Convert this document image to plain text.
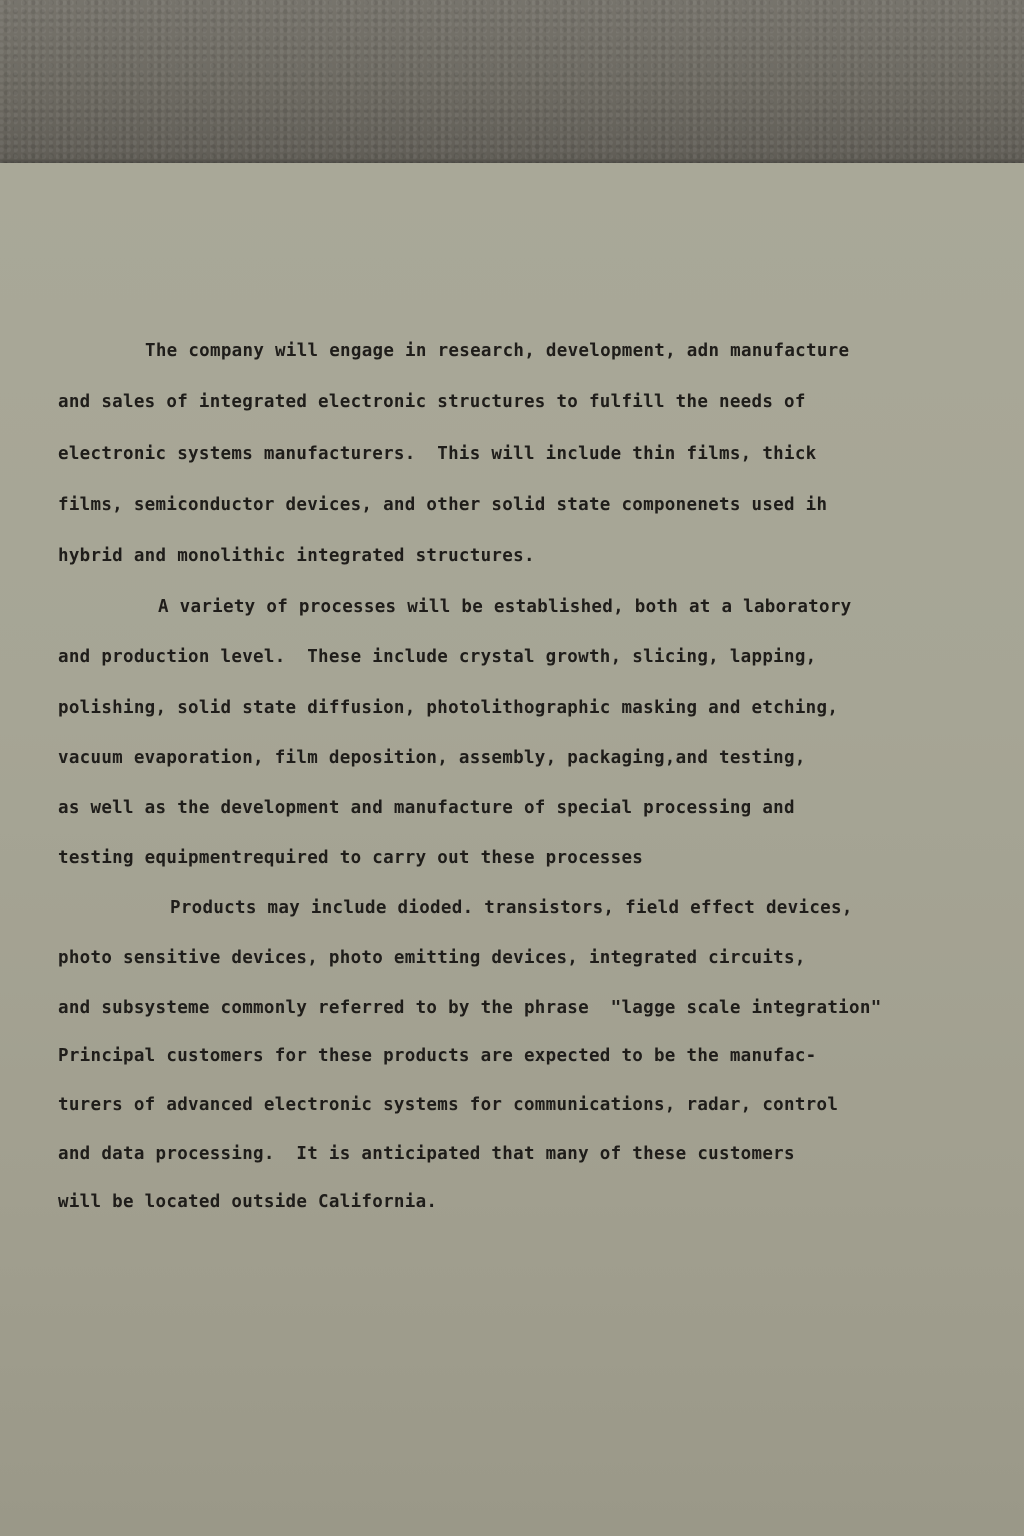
The company will engage in research, development, adn manufacture
and sales of integrated electronic structures to fulfill the needs of
electronic systems manufacturers.  This will include thin films, thick
films, semiconductor devices, and other solid state componenets used ih
hybrid and monolithic integrated structures.
A variety of processes will be established, both at a laboratory
and production level.  These include crystal growth, slicing, lapping,
polishing, solid state diffusion, photolithographic masking and etching,
vacuum evaporation, film deposition, assembly, packaging,and testing,
as well as the development and manufacture of special processing and
testing equipmentrequired to carry out these processes
Products may include dioded. transistors, field effect devices,
photo sensitive devices, photo emitting devices, integrated circuits,
and subsysteme commonly referred to by the phrase  "lagge scale integration"
Principal customers for these products are expected to be the manufac-
turers of advanced electronic systems for communications, radar, control
and data processing.  It is anticipated that many of these customers
will be located outside California.
